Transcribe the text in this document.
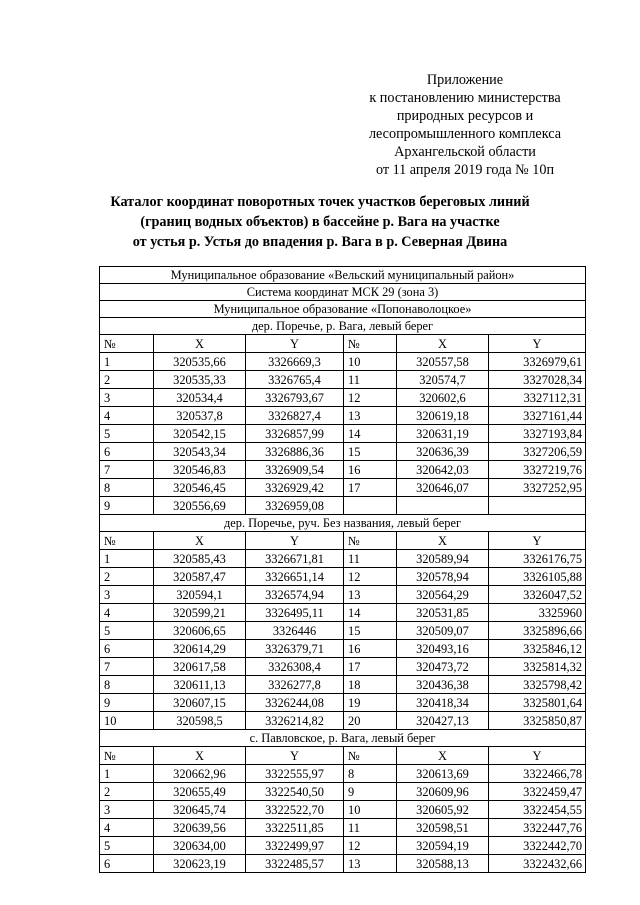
Приложение
к постановлению министерства
природных ресурсов и
лесопромышленного комплекса
Архангельской области
от 11 апреля 2019 года № 10п
Каталог координат поворотных точек участков береговых линий
(границ водных объектов) в бассейне р. Вага на участке
от устья р. Устья до впадения р. Вага в р. Северная Двина
Муниципальное образование «Вельский муниципальный район»					
Система координат МСК 29 (зона 3)					
Муниципальное образование «Попонаволоцкое»					
дер. Поречье, р. Вага, левый берег					
№	X	Y	№	X	Y
1	320535,66	3326669,3	10	320557,58	3326979,61
2	320535,33	3326765,4	11	320574,7	3327028,34
3	320534,4	3326793,67	12	320602,6	3327112,31
4	320537,8	3326827,4	13	320619,18	3327161,44
5	320542,15	3326857,99	14	320631,19	3327193,84
6	320543,34	3326886,36	15	320636,39	3327206,59
7	320546,83	3326909,54	16	320642,03	3327219,76
8	320546,45	3326929,42	17	320646,07	3327252,95
9	320556,69	3326959,08			
дер. Поречье, руч. Без названия, левый берег					
№	X	Y	№	X	Y
1	320585,43	3326671,81	11	320589,94	3326176,75
2	320587,47	3326651,14	12	320578,94	3326105,88
3	320594,1	3326574,94	13	320564,29	3326047,52
4	320599,21	3326495,11	14	320531,85	3325960
5	320606,65	3326446	15	320509,07	3325896,66
6	320614,29	3326379,71	16	320493,16	3325846,12
7	320617,58	3326308,4	17	320473,72	3325814,32
8	320611,13	3326277,8	18	320436,38	3325798,42
9	320607,15	3326244,08	19	320418,34	3325801,64
10	320598,5	3326214,82	20	320427,13	3325850,87
с. Павловское, р. Вага, левый берег					
№	X	Y	№	X	Y
1	320662,96	3322555,97	8	320613,69	3322466,78
2	320655,49	3322540,50	9	320609,96	3322459,47
3	320645,74	3322522,70	10	320605,92	3322454,55
4	320639,56	3322511,85	11	320598,51	3322447,76
5	320634,00	3322499,97	12	320594,19	3322442,70
6	320623,19	3322485,57	13	320588,13	3322432,66
